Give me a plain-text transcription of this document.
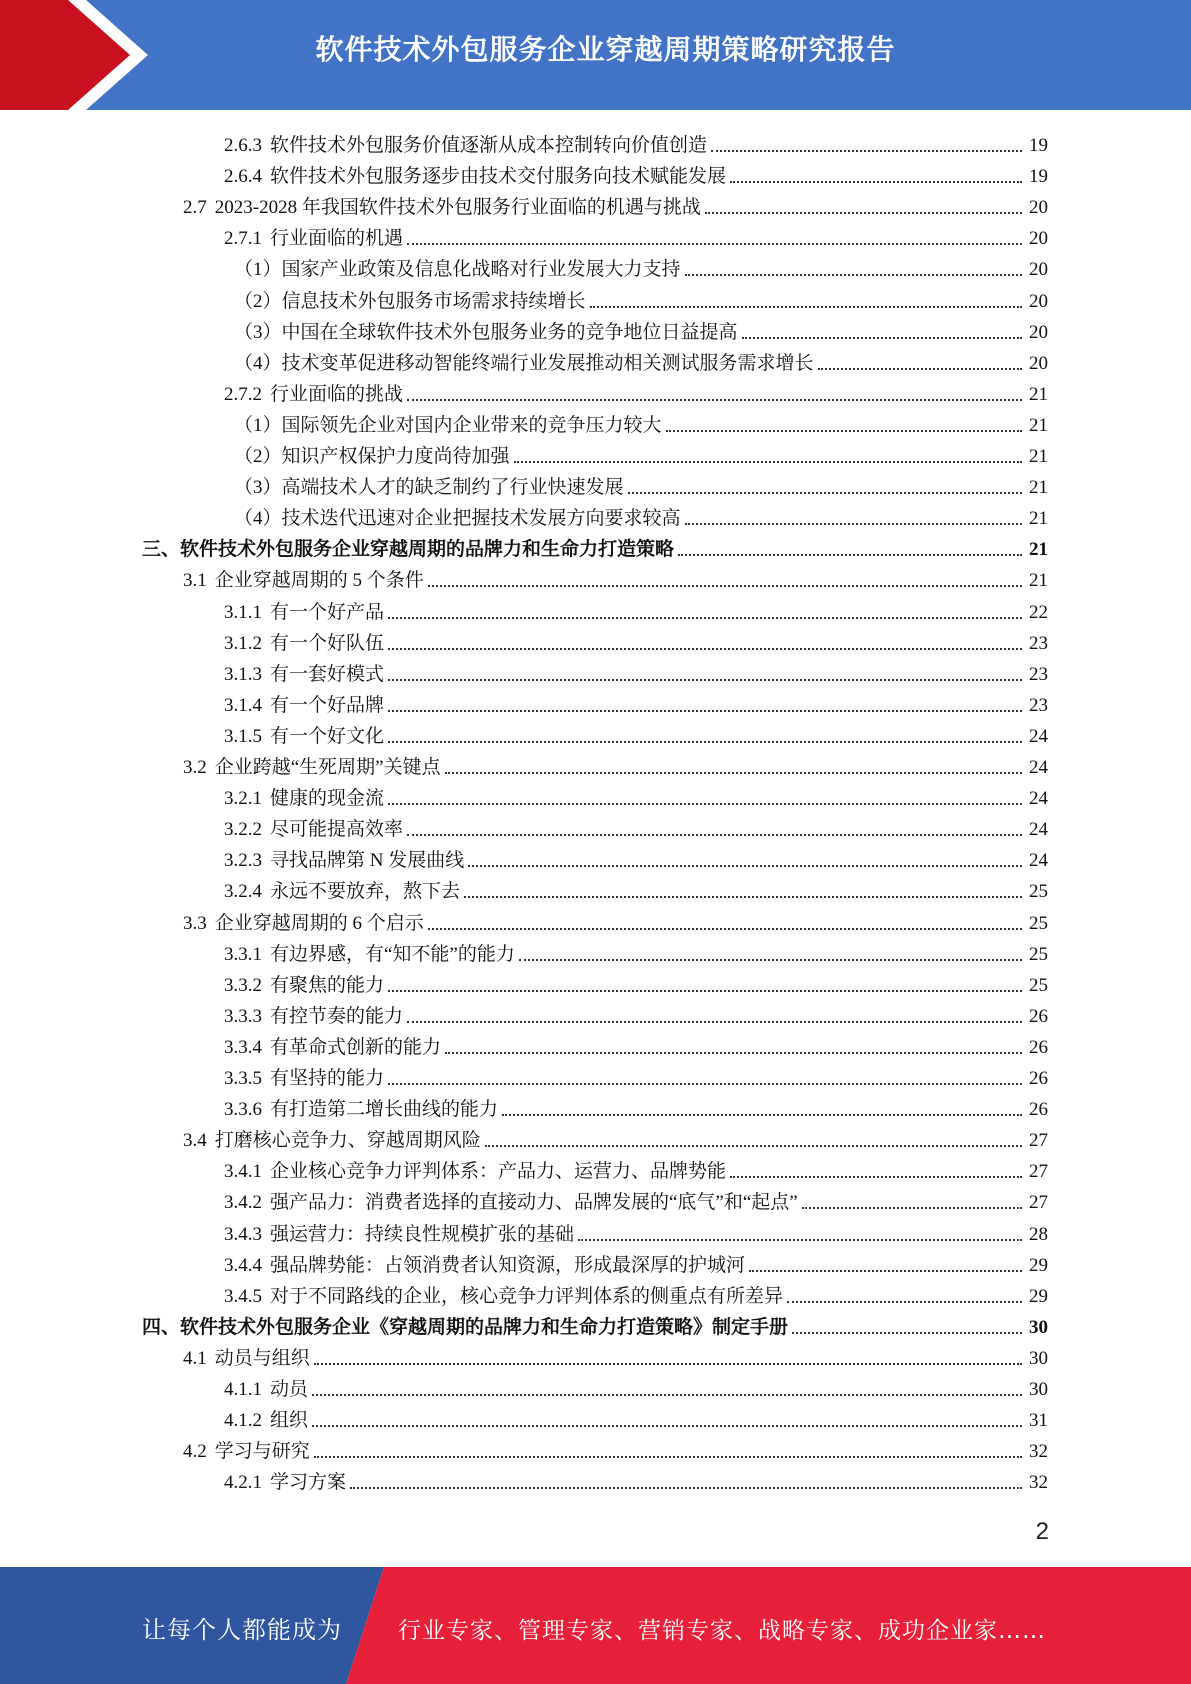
软件技术外包服务企业穿越周期策略研究报告
2.6.3 软件技术外包服务价值逐渐从成本控制转向价值创造	19
2.6.4 软件技术外包服务逐步由技术交付服务向技术赋能发展	19
2.7 2023-2028 年我国软件技术外包服务行业面临的机遇与挑战	20
2.7.1 行业面临的机遇	20
（1）国家产业政策及信息化战略对行业发展大力支持	20
（2）信息技术外包服务市场需求持续增长	20
（3）中国在全球软件技术外包服务业务的竞争地位日益提高	20
（4）技术变革促进移动智能终端行业发展推动相关测试服务需求增长	20
2.7.2 行业面临的挑战	21
（1）国际领先企业对国内企业带来的竞争压力较大	21
（2）知识产权保护力度尚待加强	21
（3）高端技术人才的缺乏制约了行业快速发展	21
（4）技术迭代迅速对企业把握技术发展方向要求较高	21
三、软件技术外包服务企业穿越周期的品牌力和生命力打造策略	21
3.1 企业穿越周期的 5 个条件	21
3.1.1 有一个好产品	22
3.1.2 有一个好队伍	23
3.1.3 有一套好模式	23
3.1.4 有一个好品牌	23
3.1.5 有一个好文化	24
3.2 企业跨越“生死周期”关键点	24
3.2.1 健康的现金流	24
3.2.2 尽可能提高效率	24
3.2.3 寻找品牌第 N 发展曲线	24
3.2.4 永远不要放弃，熬下去	25
3.3 企业穿越周期的 6 个启示	25
3.3.1 有边界感，有“知不能”的能力	25
3.3.2 有聚焦的能力	25
3.3.3 有控节奏的能力	26
3.3.4 有革命式创新的能力	26
3.3.5 有坚持的能力	26
3.3.6 有打造第二增长曲线的能力	26
3.4 打磨核心竞争力、穿越周期风险	27
3.4.1 企业核心竞争力评判体系：产品力、运营力、品牌势能	27
3.4.2 强产品力：消费者选择的直接动力、品牌发展的“底气”和“起点”	27
3.4.3 强运营力：持续良性规模扩张的基础	28
3.4.4 强品牌势能：占领消费者认知资源，形成最深厚的护城河	29
3.4.5 对于不同路线的企业，核心竞争力评判体系的侧重点有所差异	29
四、软件技术外包服务企业《穿越周期的品牌力和生命力打造策略》制定手册	30
4.1 动员与组织	30
4.1.1 动员	30
4.1.2 组织	31
4.2 学习与研究	32
4.2.1 学习方案	32
2
让每个人都能成为 行业专家、管理专家、营销专家、战略专家、成功企业家……
